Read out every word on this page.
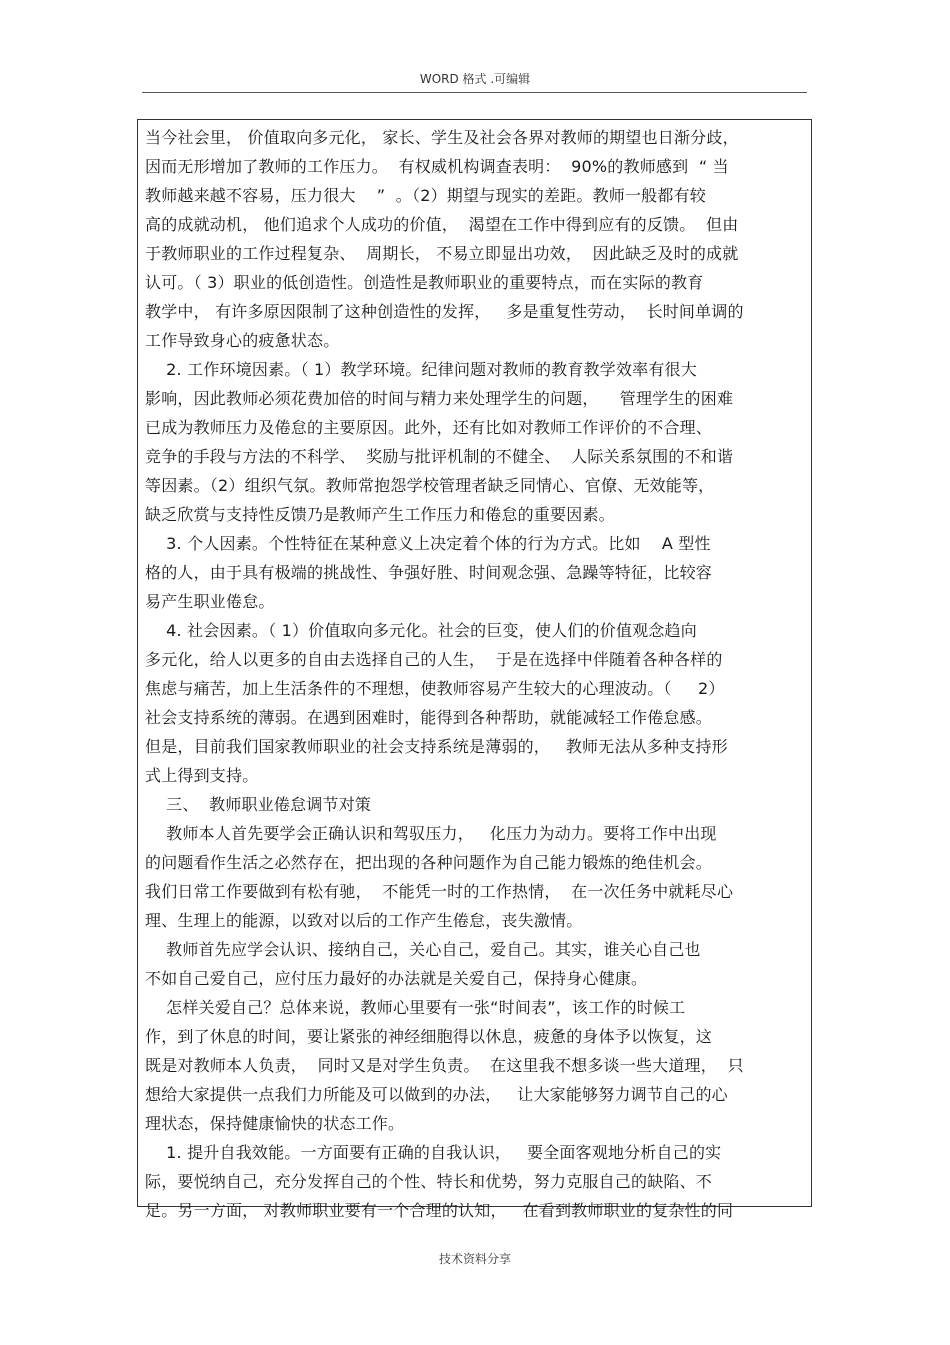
WORD 格式 .可编辑
当今社会里， 价值取向多元化， 家长、学生及社会各界对教师的期望也日渐分歧，
因而无形增加了教师的工作压力。  有权威机构调查表明：  90%的教师感到  “ 当
教师越来越不容易，压力很大    ”  。（2）期望与现实的差距。教师一般都有较
高的成就动机， 他们追求个人成功的价值，  渴望在工作中得到应有的反馈。  但由
于教师职业的工作过程复杂、  周期长， 不易立即显出功效，  因此缺乏及时的成就
认可。（ 3）职业的低创造性。创造性是教师职业的重要特点，而在实际的教育
教学中， 有许多原因限制了这种创造性的发挥，   多是重复性劳动，  长时间单调的
工作导致身心的疲惫状态。
2. 工作环境因素。（ 1）教学环境。纪律问题对教师的教育教学效率有很大
影响，因此教师必须花费加倍的时间与精力来处理学生的问题，    管理学生的困难
已成为教师压力及倦怠的主要原因。此外，还有比如对教师工作评价的不合理、
竞争的手段与方法的不科学、  奖励与批评机制的不健全、  人际关系氛围的不和谐
等因素。（2）组织气氛。教师常抱怨学校管理者缺乏同情心、官僚、无效能等，
缺乏欣赏与支持性反馈乃是教师产生工作压力和倦怠的重要因素。
3. 个人因素。个性特征在某种意义上决定着个体的行为方式。比如    A 型性
格的人，由于具有极端的挑战性、争强好胜、时间观念强、急躁等特征，比较容
易产生职业倦怠。
4. 社会因素。（ 1）价值取向多元化。社会的巨变，使人们的价值观念趋向
多元化，给人以更多的自由去选择自己的人生，  于是在选择中伴随着各种各样的
焦虑与痛苦，加上生活条件的不理想，使教师容易产生较大的心理波动。（     2）
社会支持系统的薄弱。在遇到困难时，能得到各种帮助，就能减轻工作倦怠感。
但是，目前我们国家教师职业的社会支持系统是薄弱的，   教师无法从多种支持形
式上得到支持。
三、  教师职业倦怠调节对策
教师本人首先要学会正确认识和驾驭压力，   化压力为动力。要将工作中出现
的问题看作生活之必然存在，把出现的各种问题作为自己能力锻炼的绝佳机会。
我们日常工作要做到有松有驰，  不能凭一时的工作热情，  在一次任务中就耗尽心
理、生理上的能源，以致对以后的工作产生倦怠，丧失激情。
教师首先应学会认识、接纳自己，关心自己，爱自己。其实，谁关心自己也
不如自己爱自己，应付压力最好的办法就是关爱自己，保持身心健康。
怎样关爱自己？总体来说，教师心里要有一张“时间表”，该工作的时候工
作，到了休息的时间，要让紧张的神经细胞得以休息，疲惫的身体予以恢复，这
既是对教师本人负责，  同时又是对学生负责。  在这里我不想多谈一些大道理，  只
想给大家提供一点我们力所能及可以做到的办法，   让大家能够努力调节自己的心
理状态，保持健康愉快的状态工作。
1. 提升自我效能。一方面要有正确的自我认识，   要全面客观地分析自己的实
际，要悦纳自己，充分发挥自己的个性、特长和优势，努力克服自己的缺陷、不
足。另一方面， 对教师职业要有一个合理的认知，   在看到教师职业的复杂性的同
技术资料分享
